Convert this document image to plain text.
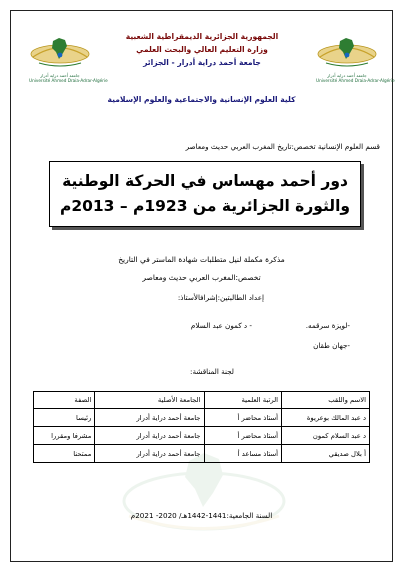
جامعة أحمد دراية أدرار
Université Ahmed Draia-Adrar-Algérie
جامعة أحمد دراية أدرار
Université Ahmed Draia-Adrar-Algérie
الجمهورية الجزائرية الديمقراطية الشعبية
وزارة التعليم العالي والبحث العلمي
جامعة أحمد دراية أدرار - الجزائر
كلية العلوم الإنسانية والاجتماعية والعلوم الإسلامية
قسم العلوم الإنسانية تخصص:تاريخ المغرب العربي حديث ومعاصر
دور أحمد مهساس في الحركة الوطنية
والثورة الجزائرية من 1923م – 2013م
مذكرة مكملة لنيل متطلبات شهادة الماستر في التاريخ
تخصص:المغرب العربي حديث ومعاصر
إعداد الطالبتين:إشرافالأستاذ:
-لويزة سرقمه.
- د كمون عبد السلام
-جهان طقان
لجنة المناقشة:
الاسم واللقب	الرتبة العلمية	الجامعة الأصلية	الصفة
د عبد المالك بوعريوة	أستاذ محاضر أ	جامعة أحمد دراية أدرار	رئيسا
د عبد السلام كمون	أستاذ محاضر أ	جامعة أحمد دراية أدرار	مشرفا ومقررا
أ بلال صديقي	أستاذ مساعد أ	جامعة أحمد دراية أدرار	ممتحنا
السنة الجامعية:1441-1442هـ/ 2020- 2021م
